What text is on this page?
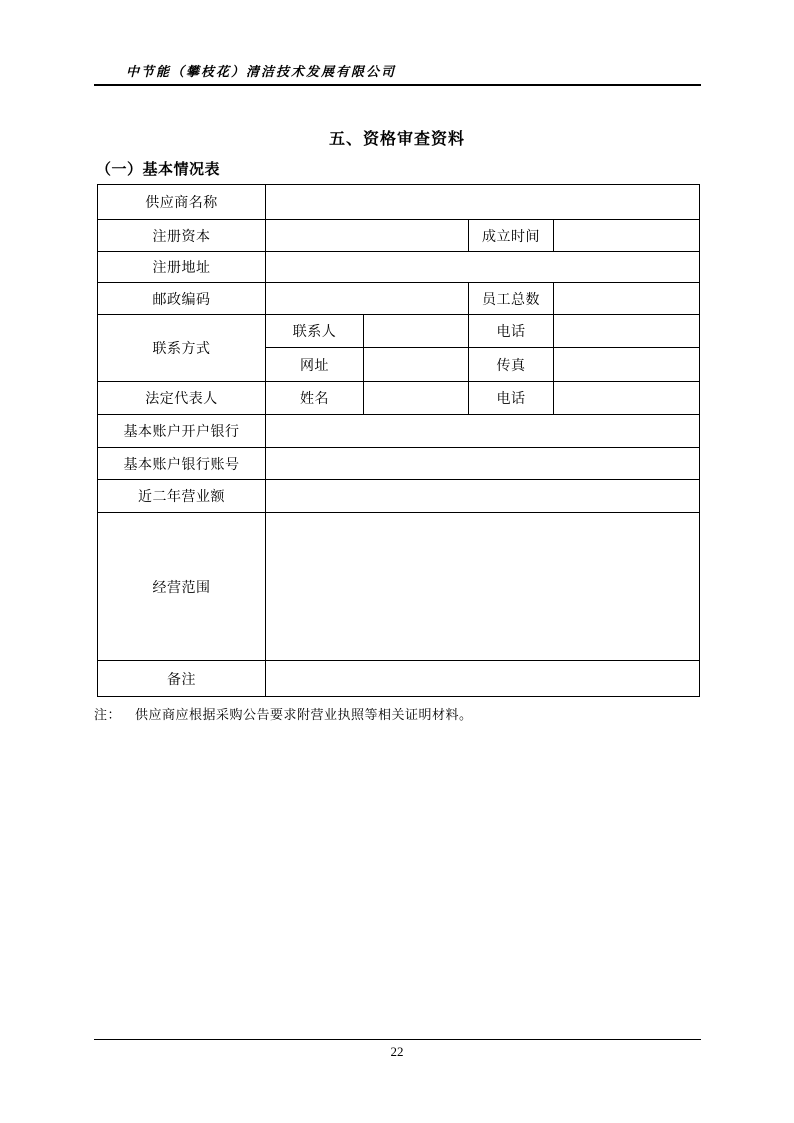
中节能（攀枝花）清洁技术发展有限公司
五、资格审查资料
（一）基本情况表
供应商名称				
注册资本			成立时间	
注册地址				
邮政编码			员工总数	
联系方式	联系人		电话	
	网址		传真	
法定代表人	姓名		电话	
基本账户开户银行				
基本账户银行账号				
近二年营业额				
经营范围				
备注				
注： 供应商应根据采购公告要求附营业执照等相关证明材料。
22
